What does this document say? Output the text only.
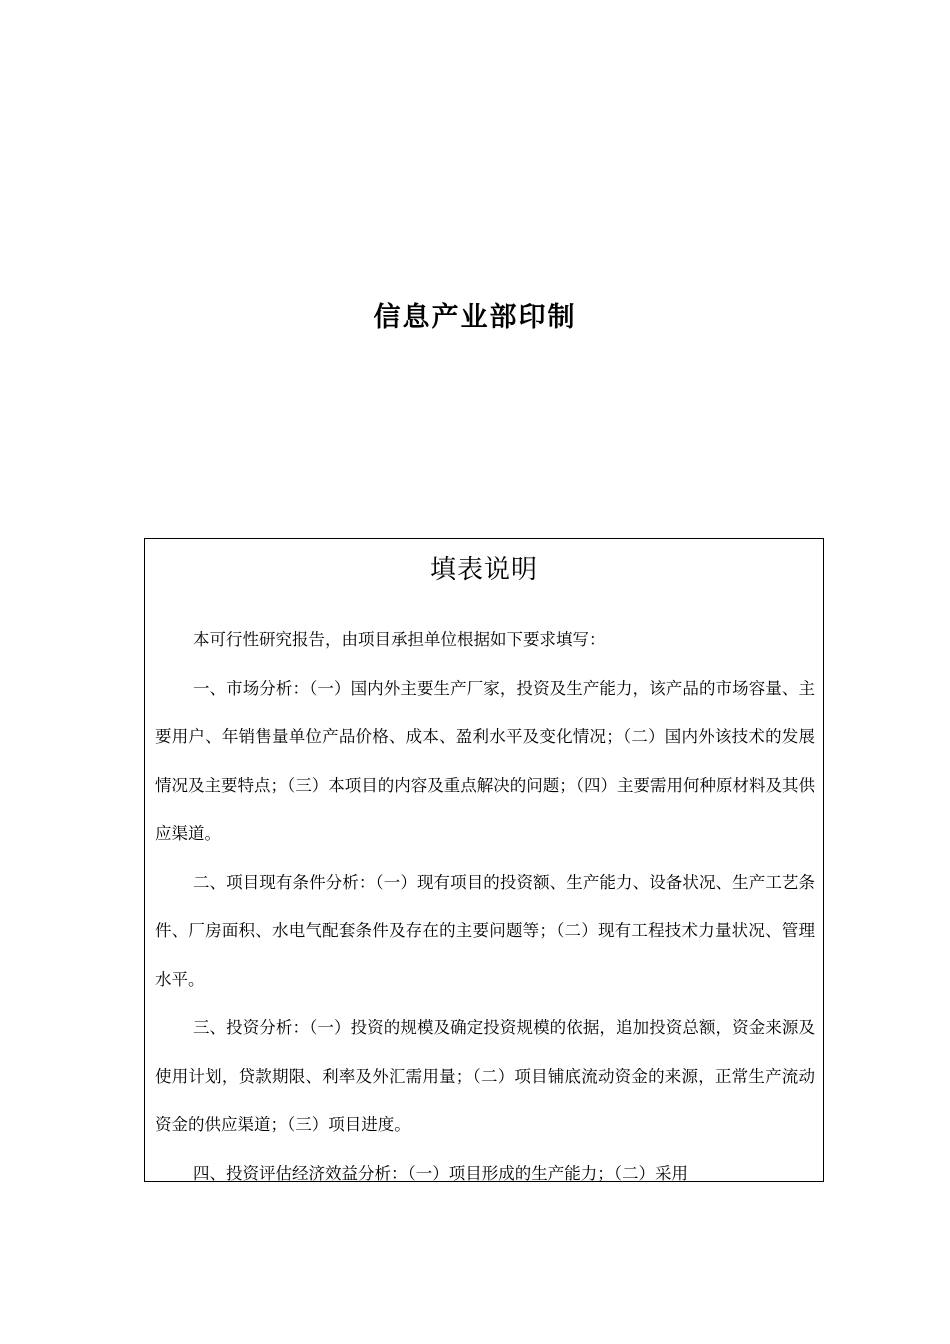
信息产业部印制
填表说明

本可行性研究报告，由项目承担单位根据如下要求填写：

一、市场分析：（一）国内外主要生产厂家，投资及生产能力，该产品的市场容量、主要用户、年销售量单位产品价格、成本、盈利水平及变化情况；（二）国内外该技术的发展情况及主要特点；（三）本项目的内容及重点解决的问题；（四）主要需用何种原材料及其供应渠道。

二、项目现有条件分析：（一）现有项目的投资额、生产能力、设备状况、生产工艺条件、厂房面积、水电气配套条件及存在的主要问题等；（二）现有工程技术力量状况、管理水平。

三、投资分析：（一）投资的规模及确定投资规模的依据，追加投资总额，资金来源及使用计划，贷款期限、利率及外汇需用量；（二）项目铺底流动资金的来源，正常生产流动资金的供应渠道；（三）项目进度。

四、投资评估经济效益分析：（一）项目形成的生产能力；（二）采用
